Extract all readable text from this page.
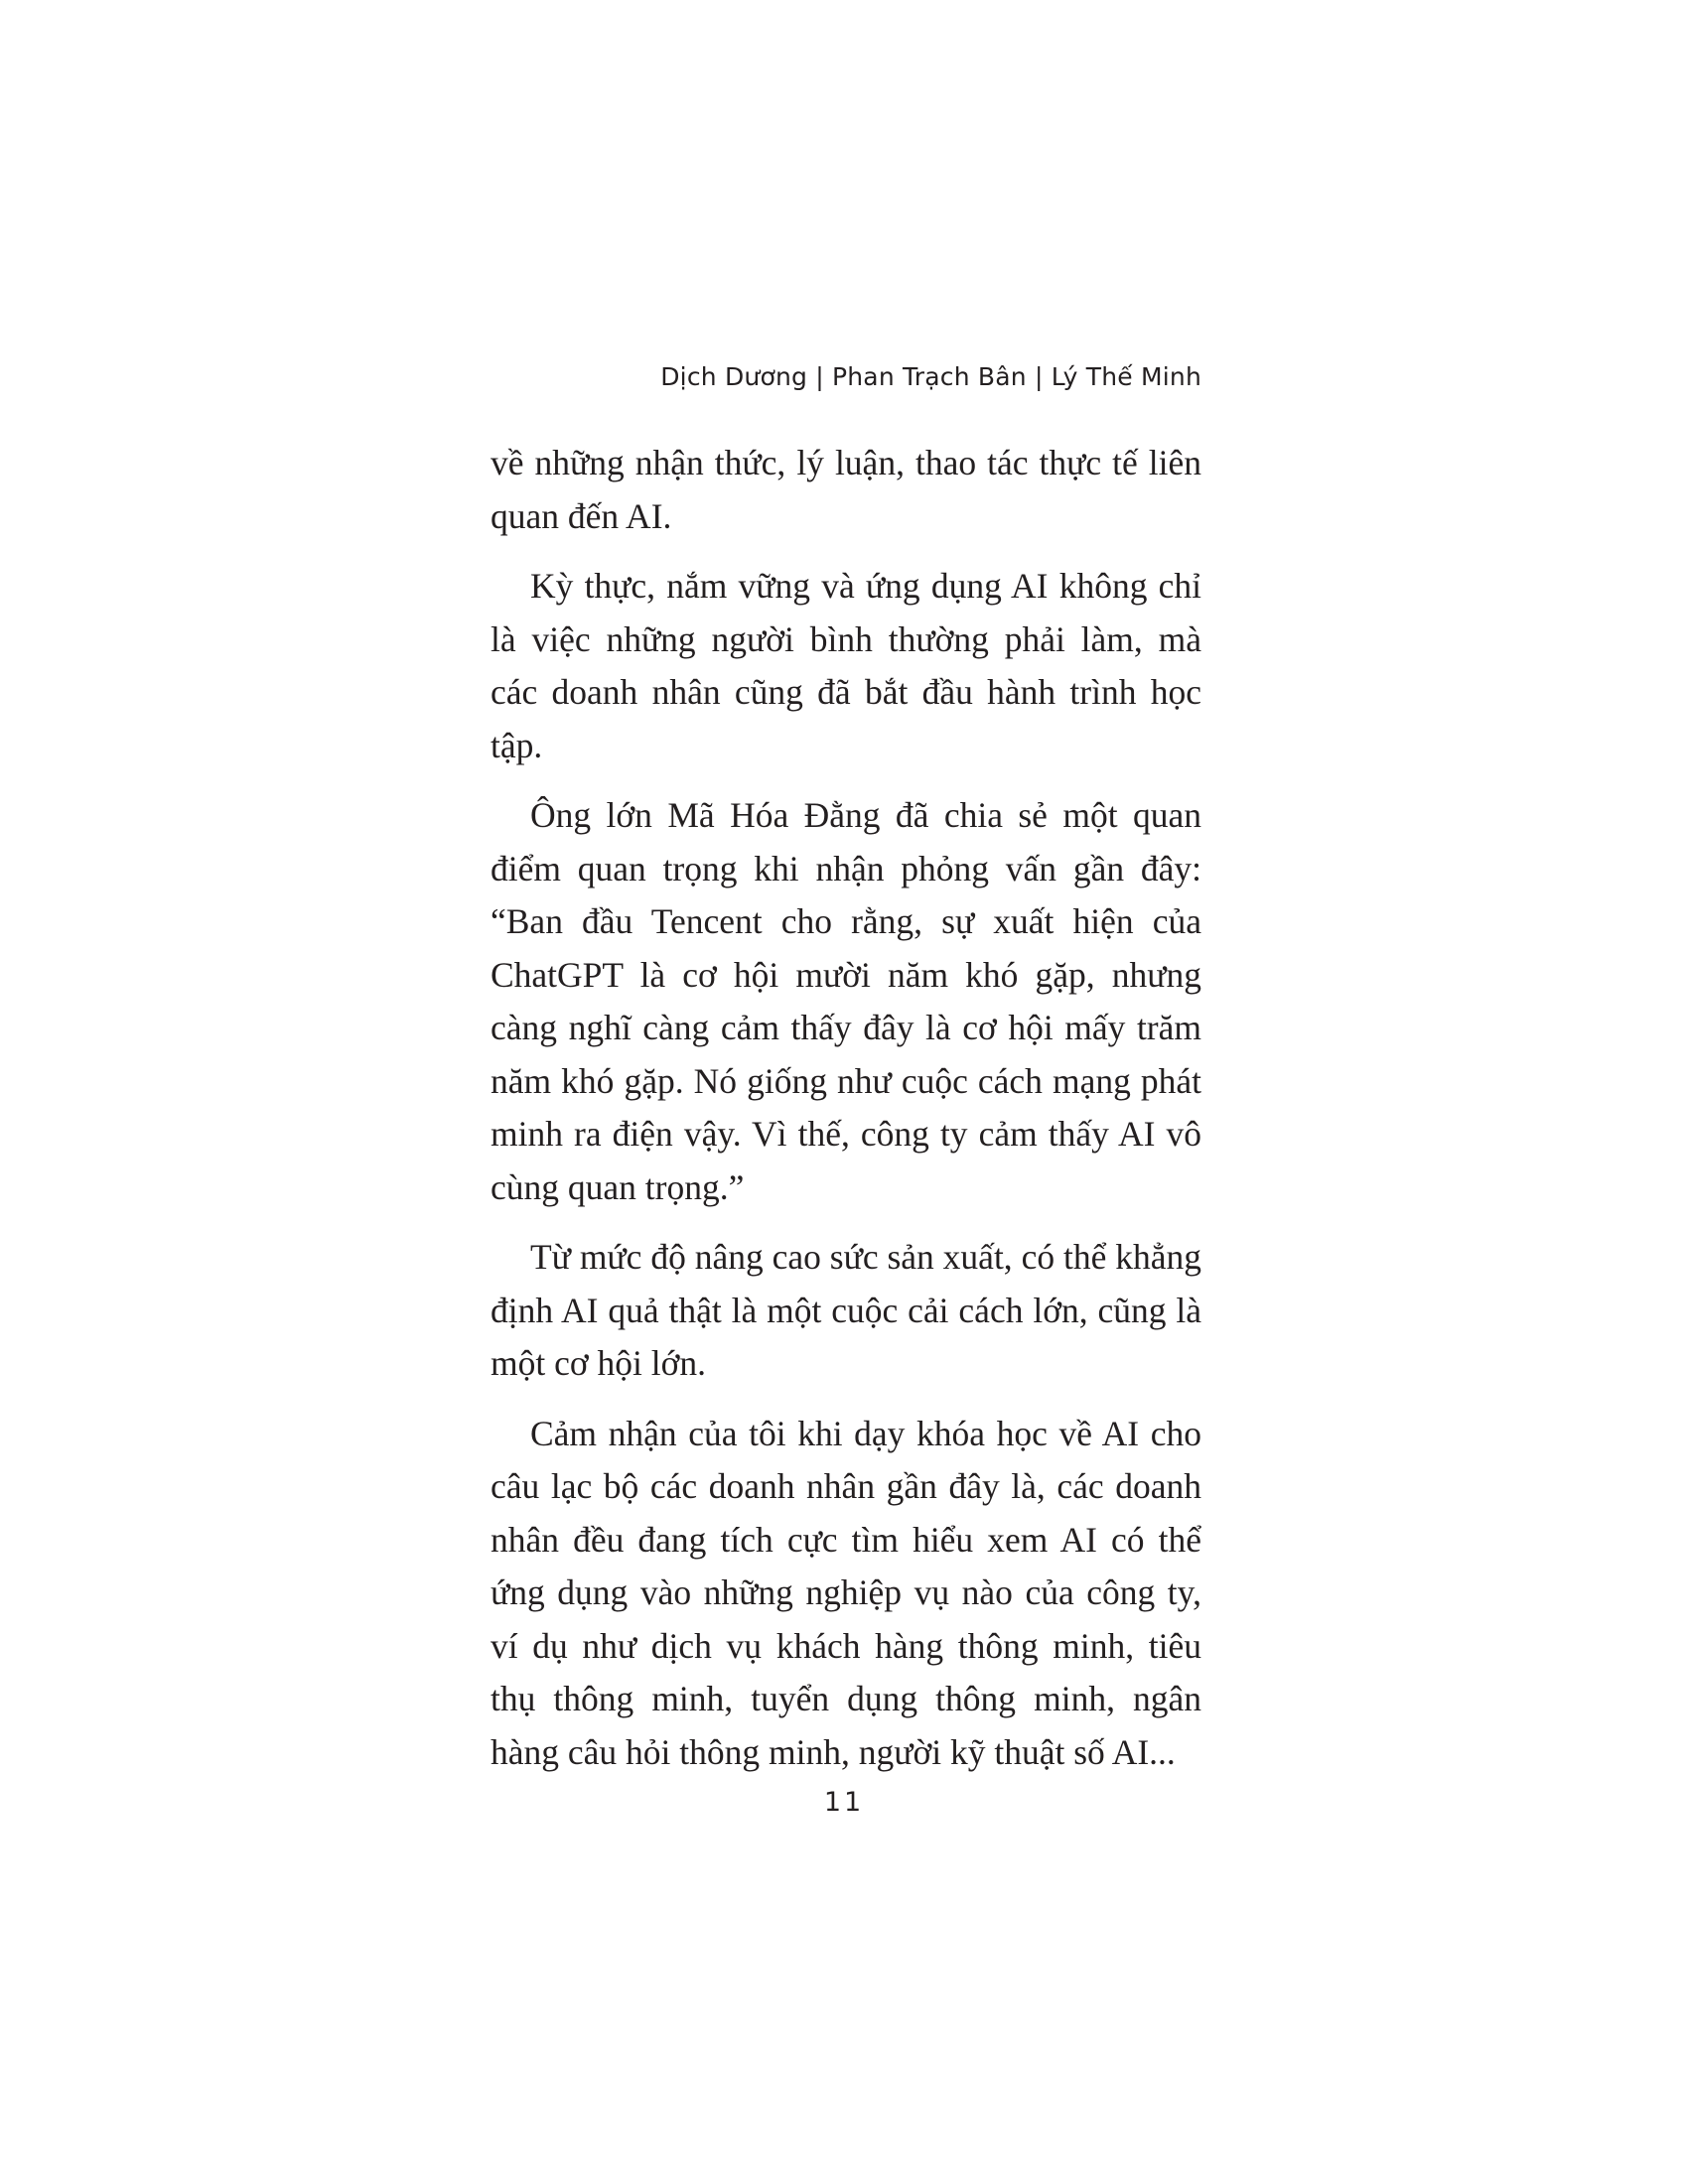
Dịch Dương | Phan Trạch Bân | Lý Thế Minh

về những nhận thức, lý luận, thao tác thực tế liên quan đến AI.

Kỳ thực, nắm vững và ứng dụng AI không chỉ là việc những người bình thường phải làm, mà các doanh nhân cũng đã bắt đầu hành trình học tập.

Ông lớn Mã Hóa Đằng đã chia sẻ một quan điểm quan trọng khi nhận phỏng vấn gần đây: “Ban đầu Tencent cho rằng, sự xuất hiện của ChatGPT là cơ hội mười năm khó gặp, nhưng càng nghĩ càng cảm thấy đây là cơ hội mấy trăm năm khó gặp. Nó giống như cuộc cách mạng phát minh ra điện vậy. Vì thế, công ty cảm thấy AI vô cùng quan trọng.”

Từ mức độ nâng cao sức sản xuất, có thể khẳng định AI quả thật là một cuộc cải cách lớn, cũng là một cơ hội lớn.

Cảm nhận của tôi khi dạy khóa học về AI cho câu lạc bộ các doanh nhân gần đây là, các doanh nhân đều đang tích cực tìm hiểu xem AI có thể ứng dụng vào những nghiệp vụ nào của công ty, ví dụ như dịch vụ khách hàng thông minh, tiêu thụ thông minh, tuyển dụng thông minh, ngân hàng câu hỏi thông minh, người kỹ thuật số AI...

11
